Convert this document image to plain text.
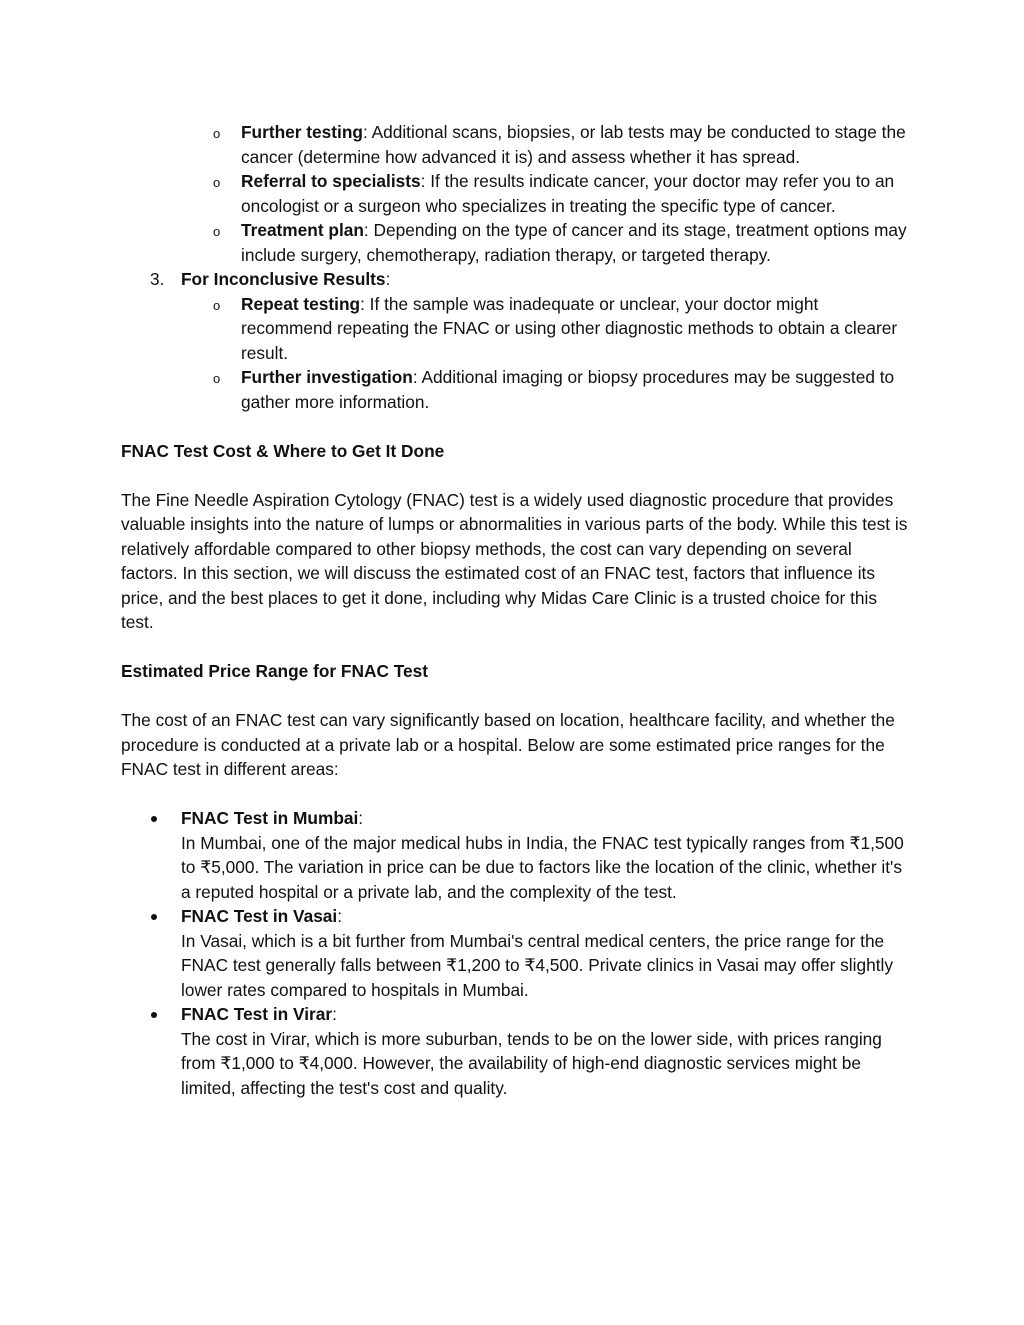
o Further testing: Additional scans, biopsies, or lab tests may be conducted to stage the cancer (determine how advanced it is) and assess whether it has spread.

o Referral to specialists: If the results indicate cancer, your doctor may refer you to an oncologist or a surgeon who specializes in treating the specific type of cancer.

o Treatment plan: Depending on the type of cancer and its stage, treatment options may include surgery, chemotherapy, radiation therapy, or targeted therapy.

3. For Inconclusive Results:

o Repeat testing: If the sample was inadequate or unclear, your doctor might recommend repeating the FNAC or using other diagnostic methods to obtain a clearer result.

o Further investigation: Additional imaging or biopsy procedures may be suggested to gather more information.

FNAC Test Cost & Where to Get It Done

The Fine Needle Aspiration Cytology (FNAC) test is a widely used diagnostic procedure that provides valuable insights into the nature of lumps or abnormalities in various parts of the body. While this test is relatively affordable compared to other biopsy methods, the cost can vary depending on several factors. In this section, we will discuss the estimated cost of an FNAC test, factors that influence its price, and the best places to get it done, including why Midas Care Clinic is a trusted choice for this test.

Estimated Price Range for FNAC Test

The cost of an FNAC test can vary significantly based on location, healthcare facility, and whether the procedure is conducted at a private lab or a hospital. Below are some estimated price ranges for the FNAC test in different areas:

FNAC Test in Mumbai:

In Mumbai, one of the major medical hubs in India, the FNAC test typically ranges from ₹1,500 to ₹5,000. The variation in price can be due to factors like the location of the clinic, whether it's a reputed hospital or a private lab, and the complexity of the test.

FNAC Test in Vasai:

In Vasai, which is a bit further from Mumbai's central medical centers, the price range for the FNAC test generally falls between ₹1,200 to ₹4,500. Private clinics in Vasai may offer slightly lower rates compared to hospitals in Mumbai.

FNAC Test in Virar:

The cost in Virar, which is more suburban, tends to be on the lower side, with prices ranging from ₹1,000 to ₹4,000. However, the availability of high-end diagnostic services might be limited, affecting the test's cost and quality.
